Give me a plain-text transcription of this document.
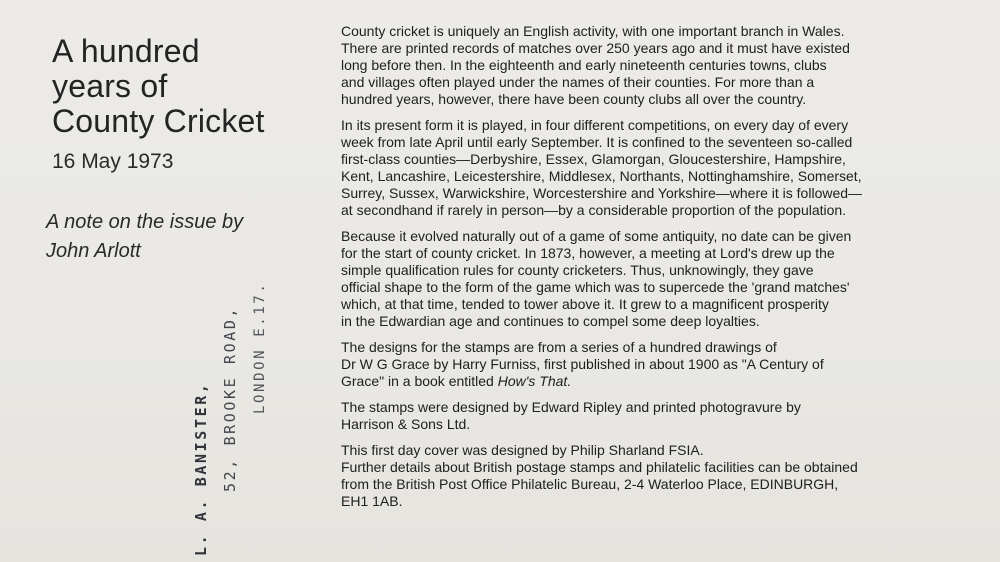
A hundred
years of
County Cricket
16 May 1973
A note on the issue by
John Arlott
L. A. BANISTER, 52, BROOKE ROAD, LONDON E.17.

County cricket is uniquely an English activity, with one important branch in Wales.
There are printed records of matches over 250 years ago and it must have existed
long before then. In the eighteenth and early nineteenth centuries towns, clubs
and villages often played under the names of their counties. For more than a
hundred years, however, there have been county clubs all over the country.

In its present form it is played, in four different competitions, on every day of every
week from late April until early September. It is confined to the seventeen so-called
first-class counties—Derbyshire, Essex, Glamorgan, Gloucestershire, Hampshire,
Kent, Lancashire, Leicestershire, Middlesex, Northants, Nottinghamshire, Somerset,
Surrey, Sussex, Warwickshire, Worcestershire and Yorkshire—where it is followed—
at secondhand if rarely in person—by a considerable proportion of the population.

Because it evolved naturally out of a game of some antiquity, no date can be given
for the start of county cricket. In 1873, however, a meeting at Lord's drew up the
simple qualification rules for county cricketers. Thus, unknowingly, they gave
official shape to the form of the game which was to supercede the 'grand matches'
which, at that time, tended to tower above it. It grew to a magnificent prosperity
in the Edwardian age and continues to compel some deep loyalties.

The designs for the stamps are from a series of a hundred drawings of
Dr W G Grace by Harry Furniss, first published in about 1900 as "A Century of
Grace" in a book entitled How's That.

The stamps were designed by Edward Ripley and printed photogravure by
Harrison & Sons Ltd.

This first day cover was designed by Philip Sharland FSIA.
Further details about British postage stamps and philatelic facilities can be obtained
from the British Post Office Philatelic Bureau, 2-4 Waterloo Place, EDINBURGH,
EH1 1AB.
